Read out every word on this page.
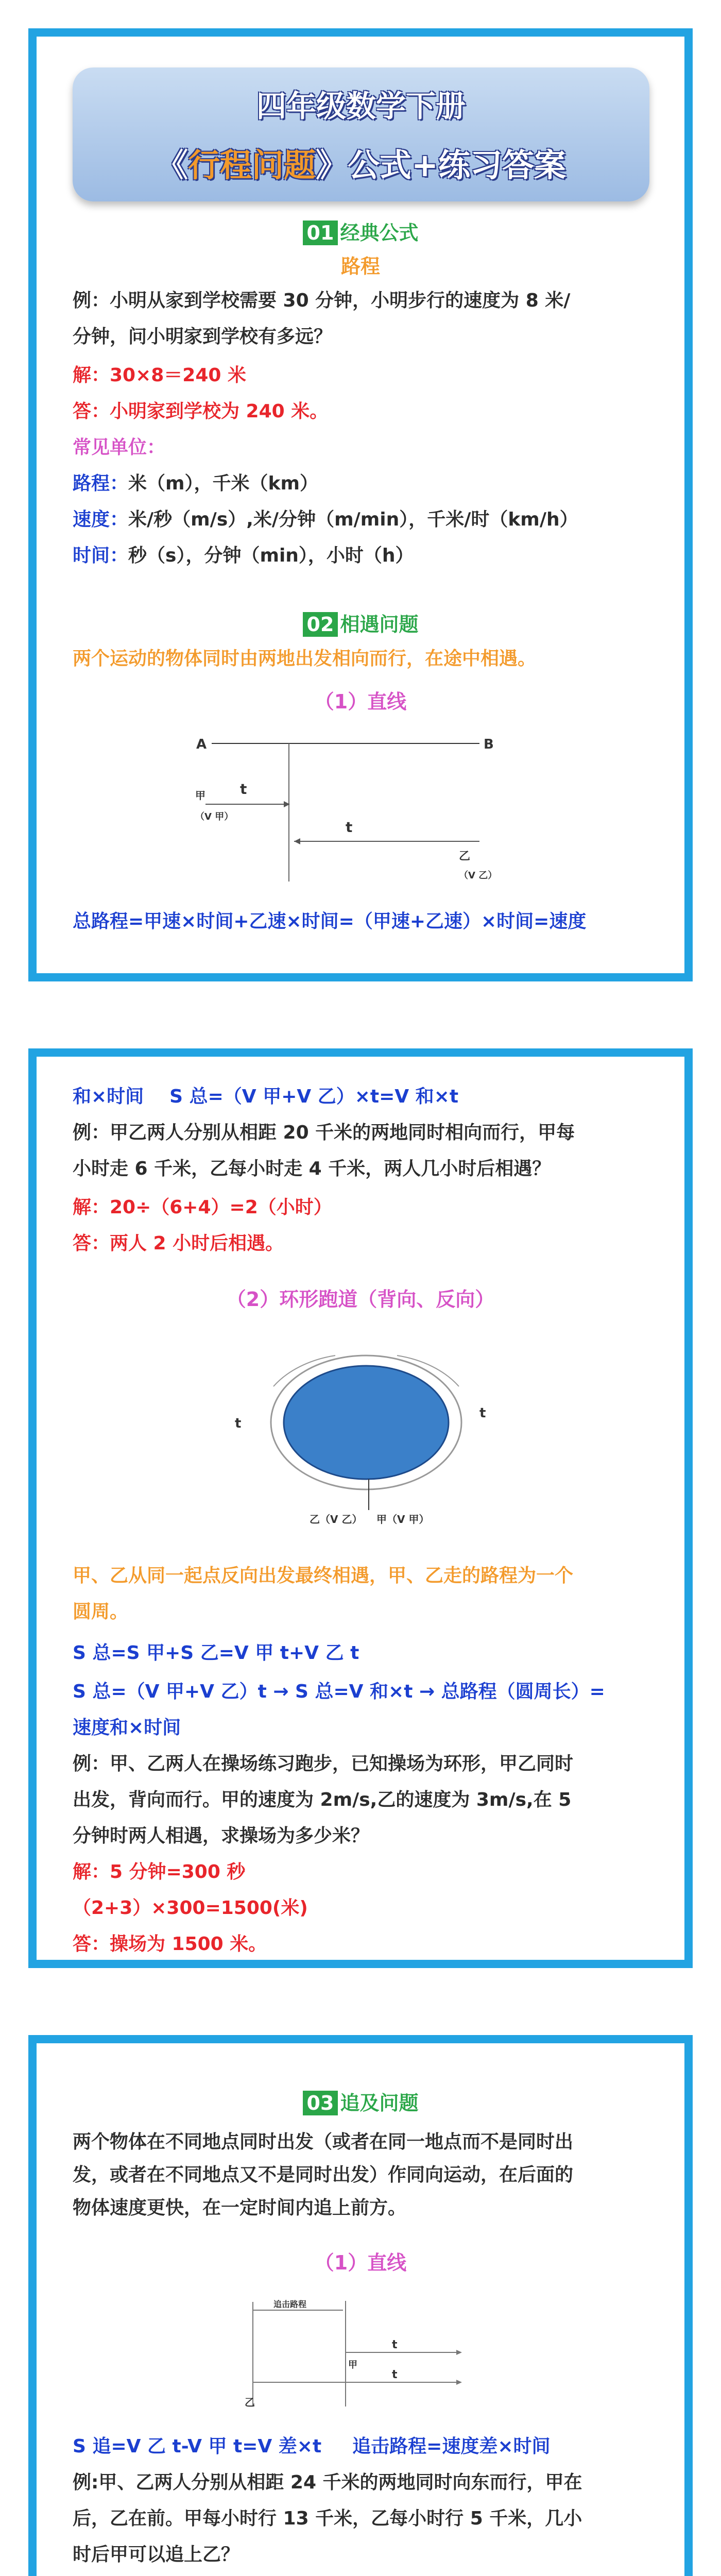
四年级数学下册
《行程问题》公式+练习答案
01 经典公式
路程
例：小明从家到学校需要 30 分钟，小明步行的速度为 8 米/
分钟，问小明家到学校有多远？
解：30×8＝240 米
答：小明家到学校为 240 米。
常见单位：
路程：米（m），千米（km）
速度：米/秒（m/s）,米/分钟（m/min），千米/时（km/h）
时间：秒（s），分钟（min），小时（h）
02 相遇问题
两个运动的物体同时由两地出发相向而行，在途中相遇。
（1）直线
A	B
甲
（V 甲）
t
t
乙
（V 乙）
总路程=甲速×时间+乙速×时间=（甲速+乙速）×时间=速度
和×时间 S 总=（V 甲+V 乙）×t=V 和×t
例：甲乙两人分别从相距 20 千米的两地同时相向而行，甲每
小时走 6 千米，乙每小时走 4 千米，两人几小时后相遇？
解：20÷（6+4）=2（小时）
答：两人 2 小时后相遇。
（2）环形跑道（背向、反向）
t
t
乙（V 乙） 甲（V 甲）
甲、乙从同一起点反向出发最终相遇，甲、乙走的路程为一个
圆周。
S 总=S 甲+S 乙=V 甲 t+V 乙 t
S 总=（V 甲+V 乙）t → S 总=V 和×t → 总路程（圆周长）=
速度和×时间
例：甲、乙两人在操场练习跑步，已知操场为环形，甲乙同时
出发，背向而行。甲的速度为 2m/s,乙的速度为 3m/s,在 5
分钟时两人相遇，求操场为多少米？
解：5 分钟=300 秒
（2+3）×300=1500(米)
答：操场为 1500 米。
03 追及问题
两个物体在不同地点同时出发（或者在同一地点而不是同时出
发，或者在不同地点又不是同时出发）作同向运动，在后面的
物体速度更快，在一定时间内追上前方。
（1）直线
追击路程
甲
t
t
乙
S 追=V 乙 t-V 甲 t=V 差×t 追击路程=速度差×时间
例:甲、乙两人分别从相距 24 千米的两地同时向东而行，甲在
后，乙在前。甲每小时行 13 千米，乙每小时行 5 千米，几小
时后甲可以追上乙？
